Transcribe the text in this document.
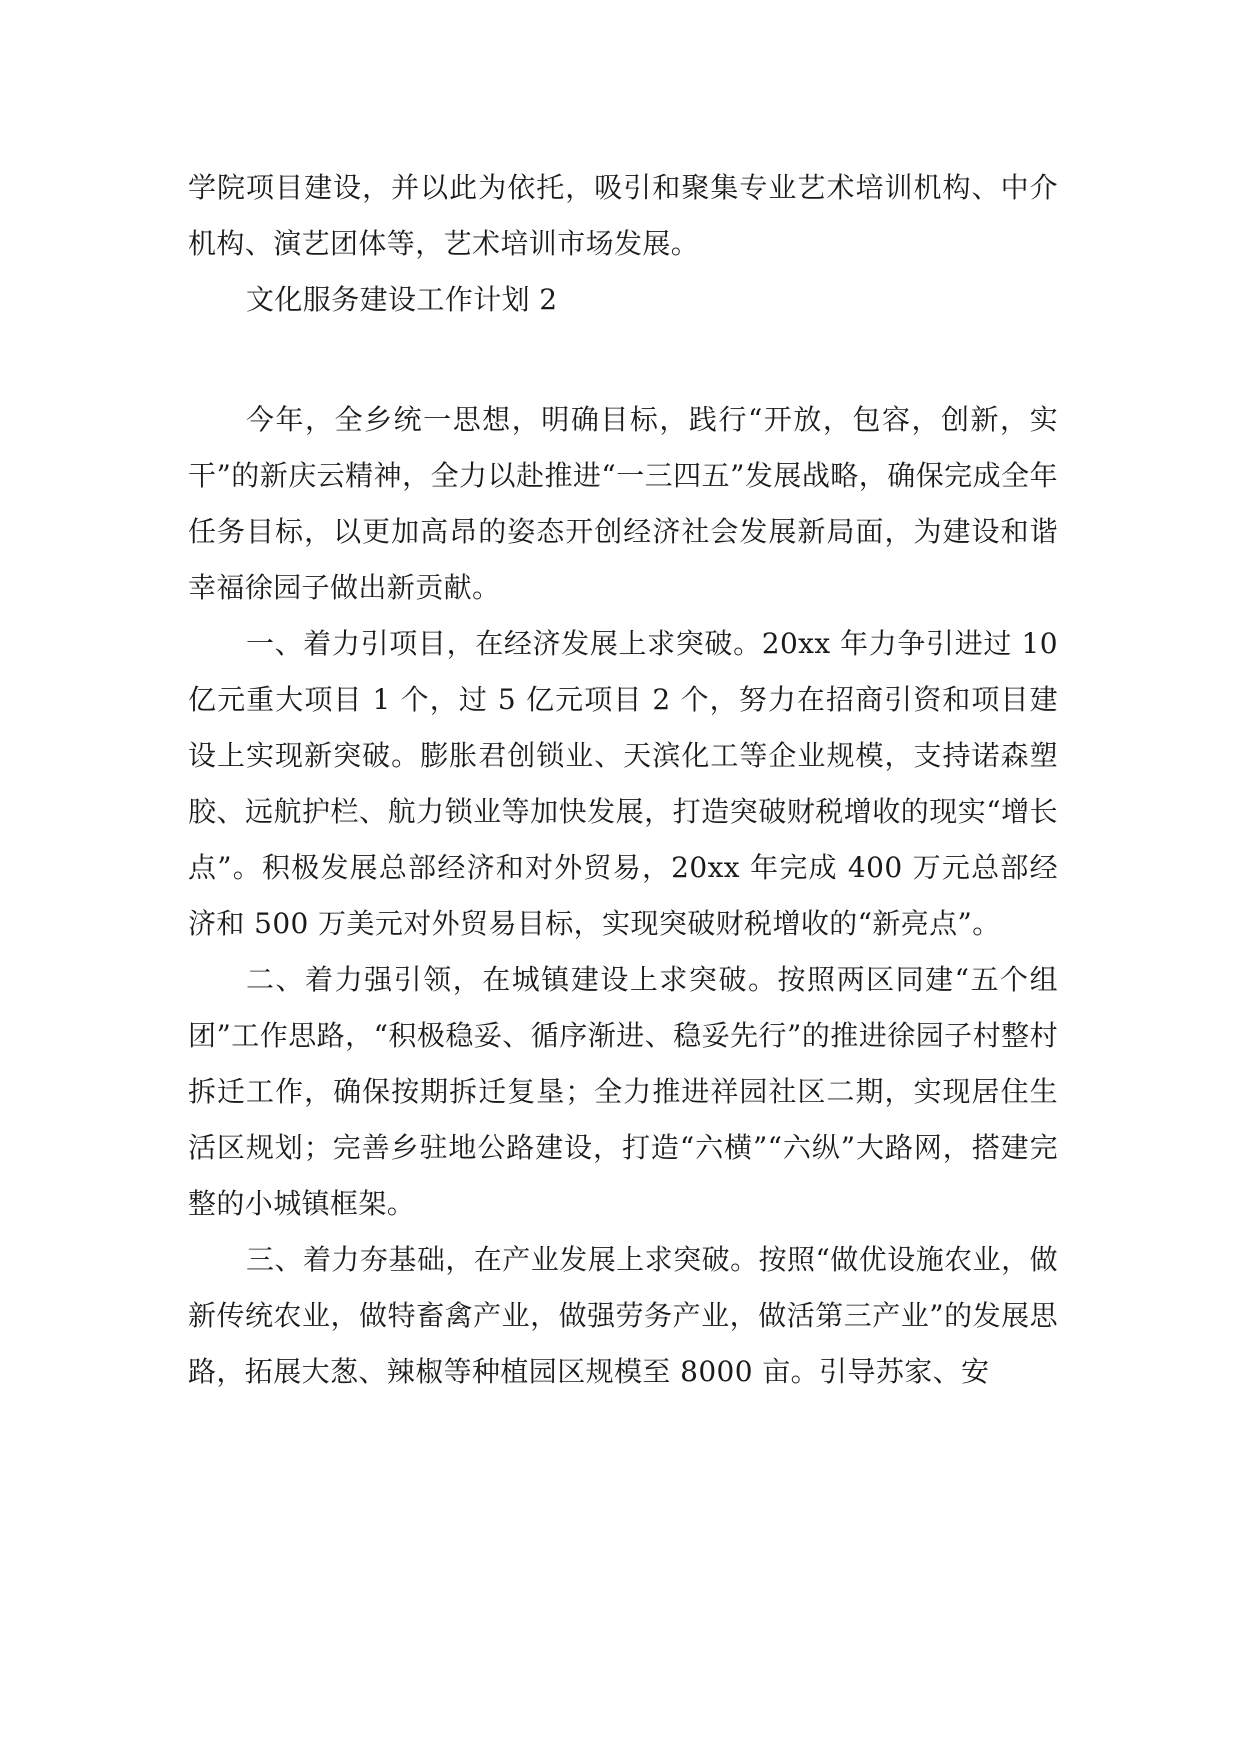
学院项目建设，并以此为依托，吸引和聚集专业艺术培训机构、中介机构、演艺团体等，艺术培训市场发展。

文化服务建设工作计划 2

今年，全乡统一思想，明确目标，践行“开放，包容，创新，实干”的新庆云精神，全力以赴推进“一三四五”发展战略，确保完成全年任务目标，以更加高昂的姿态开创经济社会发展新局面，为建设和谐幸福徐园子做出新贡献。

一、着力引项目，在经济发展上求突破。20xx 年力争引进过 10 亿元重大项目 1 个，过 5 亿元项目 2 个，努力在招商引资和项目建设上实现新突破。膨胀君创锁业、天滨化工等企业规模，支持诺森塑胶、远航护栏、航力锁业等加快发展，打造突破财税增收的现实“增长点”。积极发展总部经济和对外贸易，20xx 年完成 400 万元总部经济和 500 万美元对外贸易目标，实现突破财税增收的“新亮点”。

二、着力强引领，在城镇建设上求突破。按照两区同建“五个组团”工作思路，“积极稳妥、循序渐进、稳妥先行”的推进徐园子村整村拆迁工作，确保按期拆迁复垦；全力推进祥园社区二期，实现居住生活区规划；完善乡驻地公路建设，打造“六横”“六纵”大路网，搭建完整的小城镇框架。

三、着力夯基础，在产业发展上求突破。按照“做优设施农业，做新传统农业，做特畜禽产业，做强劳务产业，做活第三产业”的发展思路，拓展大葱、辣椒等种植园区规模至 8000 亩。引导苏家、安
